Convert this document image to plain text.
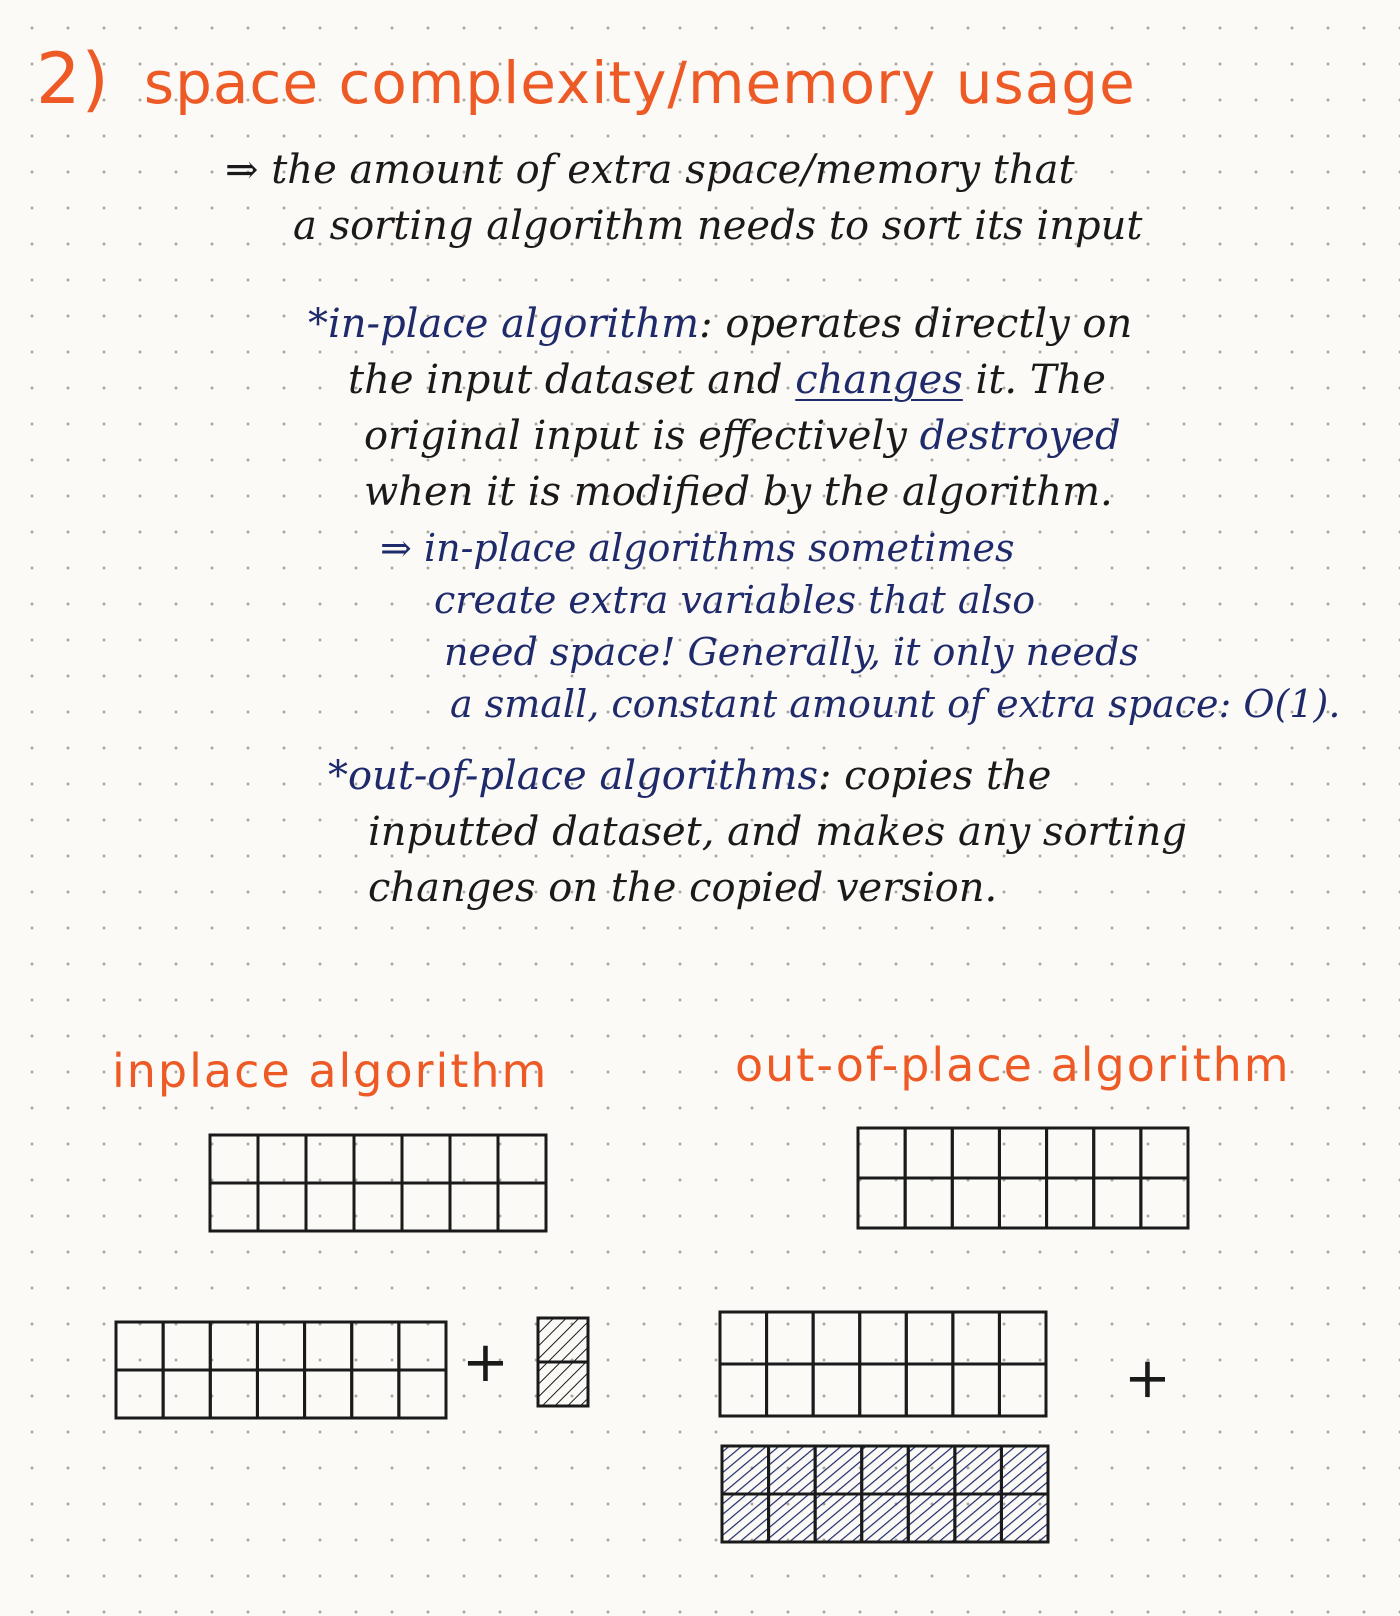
2) space complexity/memory usage
⇒ the amount of extra space/memory that
a sorting algorithm needs to sort its input
*in-place algorithm: operates directly on
the input dataset and changes it. The
original input is effectively destroyed
when it is modified by the algorithm.
⇒ in-place algorithms sometimes
create extra variables that also
need space! Generally, it only needs
a small, constant amount of extra space: O(1).
*out-of-place algorithms: copies the
inputted dataset, and makes any sorting
changes on the copied version.
inplace algorithm	out-of-place algorithm
+	+
